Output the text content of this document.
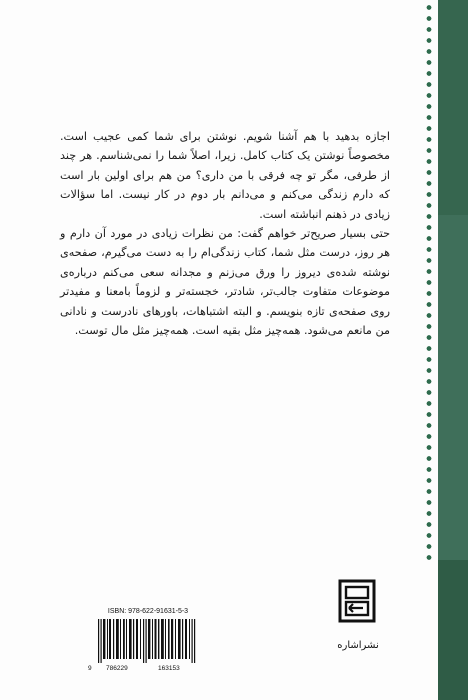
اجازه بدهید با هم آشنا شویم. نوشتن برای شما کمی عجیب است. مخصوصاً نوشتن یک کتاب کامل. زیرا، اصلاً شما را نمی‌شناسم. هر چند از طرفی، مگر تو چه فرقی با من داری؟ من هم برای اولین بار است که دارم زندگی می‌کنم و می‌دانم بار دوم در کار نیست. اما سؤالات زیادی در ذهنم انباشته است.

حتی بسیار صریح‌تر خواهم گفت: من نظرات زیادی در مورد آن دارم و هر روز، درست مثل شما، کتاب زندگی‌ام را به دست می‌گیرم، صفحه‌ی نوشته شده‌ی دیروز را ورق می‌زنم و مجدانه سعی می‌کنم درباره‌ی موضوعات متفاوت جالب‌تر، شادتر، خجسته‌تر و لزوماً بامعنا و مفیدتر روی صفحه‌ی تازه بنویسم. و البته اشتباهات، باورهای نادرست و نادانی من مانعم می‌شود. همه‌چیز مثل بقیه است. همه‌چیز مثل مال توست.

نشراشاره
ISBN: 978-622-91631-5-3
9 786229	163153
